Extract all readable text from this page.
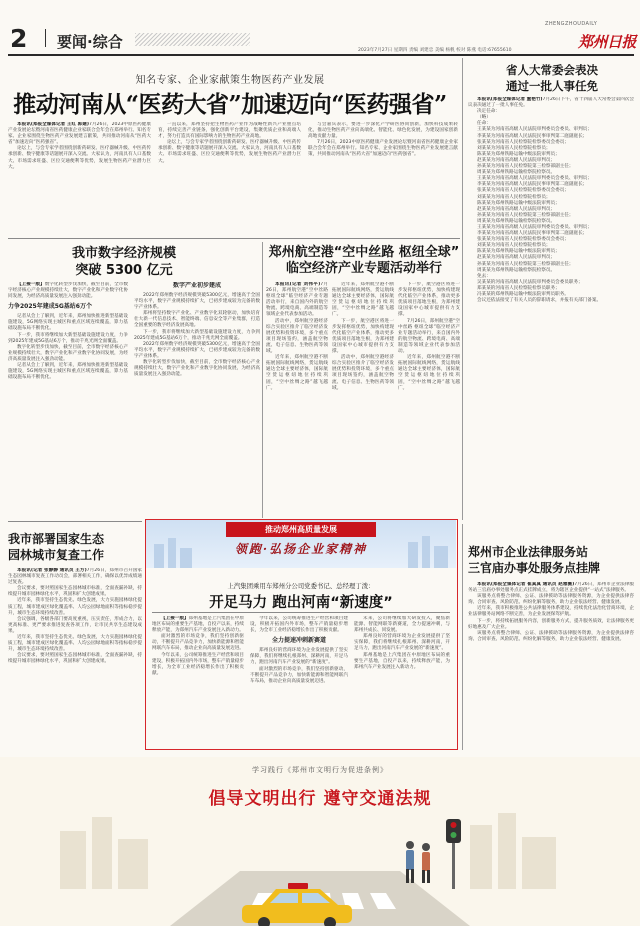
2 要闻·综合
ZHENGZHOUDAILY
2023年7月27日 星期四 责编 刘建忠 美编 杨帆 校对 陈燕 电话:67655610	郑州日报
知名专家、企业家献策生物医药产业发展
推动河南从“医药大省”加速迈向“医药强省”

本报讯(郑报全媒体记者 王红 郭建)7月26日，2023中原医药健康产业发展论坛暨河南省医药健康企业家联合会年会在郑州举行。知名专家、企业家围绕生物医药产业发展建言献策，共同推动河南从“医药大省”加速迈向“医药强省”。

论坛上，与会专家学者围绕创新药研发、医疗器械升级、中医药传承创新、数字健康等话题展开深入交流。大家认为，河南具有人口基数大、市场需求旺盛、区位交通便利等优势，发展生物医药产业潜力巨大。

一直以来，郑州坚持把生物医药产业作为战略性新兴产业重点培育，持续完善产业链条，强化创新平台建设，集聚优质企业和高端人才，努力打造具有国际影响力的生物医药产业高地。

论坛上，与会专家学者围绕创新药研发、医疗器械升级、中医药传承创新、数字健康等话题展开深入交流。大家认为，河南具有人口基数大、市场需求旺盛、区位交通便利等优势，发展生物医药产业潜力巨大。

与会嘉宾表示，要进一步深化产学研医协同创新，加快科技成果转化，推动生物医药产业向高端化、智能化、绿色化发展，为建设国家创新高地贡献力量。

7月26日，2023中原医药健康产业发展论坛暨河南省医药健康企业家联合会年会在郑州举行。知名专家、企业家围绕生物医药产业发展建言献策，共同推动河南从“医药大省”加速迈向“医药强省”。

省人大常委会表决
通过一批人事任免

本报讯(郑报全媒体记者 董艳竹)7月26日下午，省十四届人大常委会第四次会议表决通过了一批人事任免。

决定任命：

（略）

任命：

王某某为河南省高级人民法院审判委员会委员、审判员；

李某某为河南省高级人民法院民事审判第二庭副庭长；

张某某为河南省人民检察院检察委员会委员；

刘某某为河南省人民检察院检察员；

陈某某为郑州铁路运输中级法院审判员；

赵某某为河南省高级人民法院审判员；

孙某某为河南省人民检察院第三检察部副主任；

周某某为郑州铁路运输检察院检察员。

王某某为河南省高级人民法院审判委员会委员、审判员；

李某某为河南省高级人民法院民事审判第二庭副庭长；

张某某为河南省人民检察院检察委员会委员；

刘某某为河南省人民检察院检察员；

陈某某为郑州铁路运输中级法院审判员；

赵某某为河南省高级人民法院审判员；

孙某某为河南省人民检察院第三检察部副主任；

周某某为郑州铁路运输检察院检察员。

王某某为河南省高级人民法院审判委员会委员、审判员；

李某某为河南省高级人民法院民事审判第二庭副庭长；

张某某为河南省人民检察院检察委员会委员；

刘某某为河南省人民检察院检察员；

陈某某为郑州铁路运输中级法院审判员；

赵某某为河南省高级人民法院审判员；

孙某某为河南省人民检察院第三检察部副主任；

周某某为郑州铁路运输检察院检察员。

免去：

吴某某的河南省高级人民法院审判委员会委员职务；

郑某某的河南省人民检察院检察员职务；

冯某某的郑州铁路运输中级法院审判员职务。

会议还依法接受了有关人员的辞职请求，并报有关部门备案。

我市数字经济规模
突破 5300 亿元

【上接一版】数字化转型步伐加快，截至目前，全市数字经济核心产业规模持续壮大，数字产业化和产业数字化协同发展，为经济高质量发展注入强劲动能。

力争2025年建成5G基站6万个

记者从会上了解到，近年来，郑州加快推进新型基础设施建设，5G网络实现主城区和重点区域连续覆盖，算力基础设施布局不断优化。

下一步，我市将继续加大新型基础设施建设力度，力争到2025年建成5G基站6万个，推动千兆光网全面覆盖。

数字化转型步伐加快，截至目前，全市数字经济核心产业规模持续壮大，数字产业化和产业数字化协同发展，为经济高质量发展注入强劲动能。

记者从会上了解到，近年来，郑州加快推进新型基础设施建设，5G网络实现主城区和重点区域连续覆盖，算力基础设施布局不断优化。

数字产业初步建成

2022年郑州数字经济规模突破5300亿元，增速高于全国平均水平，数字产业规模持续扩大，已初步建成较为完备的数字产业体系。

郑州将坚持数字产业化、产业数字化双轮驱动，加快培育壮大新一代信息技术、智能终端、信息安全等产业集群，打造全国重要的数字经济发展高地。

下一步，我市将继续加大新型基础设施建设力度，力争到2025年建成5G基站6万个，推动千兆光网全面覆盖。

2022年郑州数字经济规模突破5300亿元，增速高于全国平均水平，数字产业规模持续扩大，已初步建成较为完备的数字产业体系。

数字化转型步伐加快，截至目前，全市数字经济核心产业规模持续壮大，数字产业化和产业数字化协同发展，为经济高质量发展注入强劲动能。

郑州航空港“空中丝路 枢纽全球”
临空经济产业专题活动举行

本报讯(记者 刘伟平)7月26日，郑州航空港“空中丝路 枢纽全球”临空经济产业专题活动举行，来自国内外的航空物流、跨境电商、高端制造等领域企业代表参加活动。

活动中，郑州航空港经济综合实验区推介了临空经济发展优势和投资环境，多个重点项目现场签约，涵盖航空物流、电子信息、生物医药等领域。

近年来，郑州航空港不断拓展国际航线网络，货运航线通达全球主要经济体，国际航空货运枢纽地位持续巩固，“空中丝绸之路”越飞越广。

近年来，郑州航空港不断拓展国际航线网络，货运航线通达全球主要经济体，国际航空货运枢纽地位持续巩固，“空中丝绸之路”越飞越广。

下一步，航空港区将进一步发挥枢纽优势，加快构建现代化临空产业体系，推动更多优质项目落地生根，为郑州建设国家中心城市提供有力支撑。

活动中，郑州航空港经济综合实验区推介了临空经济发展优势和投资环境，多个重点项目现场签约，涵盖航空物流、电子信息、生物医药等领域。

下一步，航空港区将进一步发挥枢纽优势，加快构建现代化临空产业体系，推动更多优质项目落地生根，为郑州建设国家中心城市提供有力支撑。

7月26日，郑州航空港“空中丝路 枢纽全球”临空经济产业专题活动举行，来自国内外的航空物流、跨境电商、高端制造等领域企业代表参加活动。

近年来，郑州航空港不断拓展国际航线网络，货运航线通达全球主要经济体，国际航空货运枢纽地位持续巩固，“空中丝绸之路”越飞越广。

我市部署国家生态
园林城市复查工作

本报讯(记者 张静静 通讯员 王方)7月26日，郑州市召开国家生态园林城市复查工作动员会，部署相关工作，确保以优异成绩通过复查。

会议要求，要对照国家生态园林城市标准，全面查漏补缺，持续提升城市园林绿化水平，巩固和扩大创建成果。

近年来，我市坚持生态优先、绿色发展，大力实施园林绿化提质工程，城市建成区绿化覆盖率、人均公园绿地面积等指标稳步提升，城市生态环境持续改善。

会议强调，各级各部门要高度重视，压实责任，形成合力，以更高标准、更严要求推进复查各项工作，让市民共享生态建设成果。

近年来，我市坚持生态优先、绿色发展，大力实施园林绿化提质工程，城市建成区绿化覆盖率、人均公园绿地面积等指标稳步提升，城市生态环境持续改善。

会议要求，要对照国家生态园林城市标准，全面查漏补缺，持续提升城市园林绿化水平，巩固和扩大创建成果。

推动郑州高质量发展
领跑·弘扬企业家精神
上汽集团乘用车郑州分公司党委书记、总经理丁泼：
开足马力 跑出河南“新速度”

【上接一版】郑州基地是上汽集团在中原地区布局的重要生产基地，自投产以来，持续释放产能，为郑州汽车产业发展注入新动力。

面对激烈的市场竞争，我们坚持创新驱动，不断提升产品竞争力，加快新能源和智能网联汽车布局，推动企业向高质量发展迈进。

今年以来，公司统筹推进生产经营和项目建设，积极开拓国内外市场，整车产销量稳步增长，为全市工业经济稳增长作出了积极贡献。

今年以来，公司统筹推进生产经营和项目建设，积极开拓国内外市场，整车产销量稳步增长，为全市工业经济稳增长作出了积极贡献。

全力提速冲刺新赛道

郑州良好的营商环境为企业发展提供了坚实保障，我们将继续扎根郑州、深耕河南，开足马力，跑出河南汽车产业发展的“新速度”。

面对激烈的市场竞争，我们坚持创新驱动，不断提升产品竞争力，加快新能源和智能网联汽车布局，推动企业向高质量发展迈进。

未来，公司将继续加大研发投入，聚焦新能源、智能网联等新赛道，全力提速冲刺，与郑州共成长、同发展。

郑州良好的营商环境为企业发展提供了坚实保障，我们将继续扎根郑州、深耕河南，开足马力，跑出河南汽车产业发展的“新速度”。

郑州基地是上汽集团在中原地区布局的重要生产基地，自投产以来，持续释放产能，为郑州汽车产业发展注入新动力。

郑州市企业法律服务站
三官庙办事处服务点挂牌

本报讯(郑报全媒体记者 崔真真 通讯员 赵雅薇)7月26日，郑州市企业法律服务站三官庙办事处服务点正式挂牌成立，将为辖区企业提供“一站式”法律服务。

该服务点将整合律师、公证、法律援助等法律服务资源，为企业提供法律咨询、合同审查、风险防范、纠纷化解等服务，助力企业依法经营、健康发展。

近年来，我市积极推进公共法律服务体系建设，持续优化法治化营商环境，企业法律服务站网络不断完善，为企业发展保驾护航。

下一步，将持续拓展服务内容，创新服务方式，提升服务质效，让法律服务更好地惠及广大企业。

该服务点将整合律师、公证、法律援助等法律服务资源，为企业提供法律咨询、合同审查、风险防范、纠纷化解等服务，助力企业依法经营、健康发展。

学习践行《郑州市文明行为促进条例》
倡导文明出行 遵守交通法规
